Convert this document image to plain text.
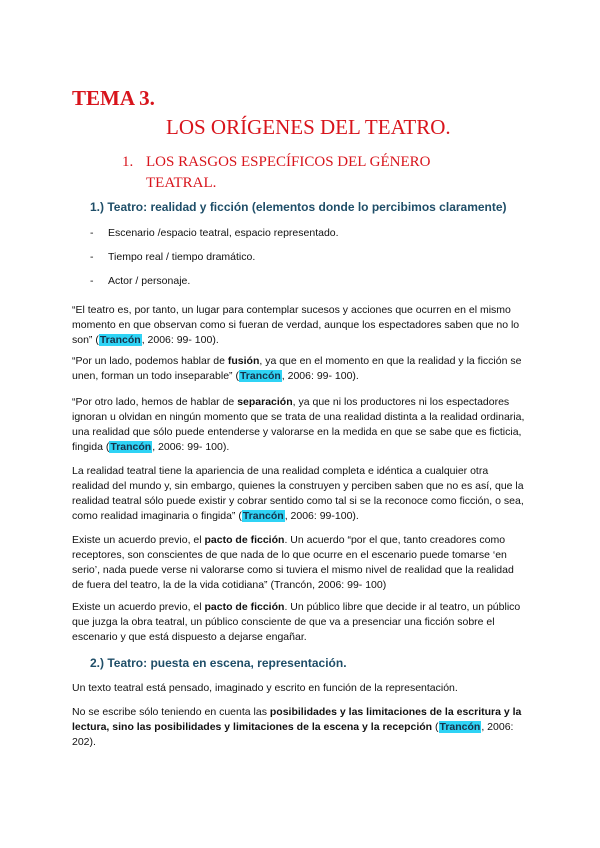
TEMA 3.
LOS ORÍGENES DEL TEATRO.
1. LOS RASGOS ESPECÍFICOS DEL GÉNERO
TEATRAL.
1.) Teatro: realidad y ficción (elementos donde lo percibimos claramente)
- Escenario /espacio teatral, espacio representado.
- Tiempo real / tiempo dramático.
- Actor / personaje.

“El teatro es, por tanto, un lugar para contemplar sucesos y acciones que ocurren en el mismo momento en que observan como si fueran de verdad, aunque los espectadores saben que no lo son” (Trancón, 2006: 99- 100).

“Por un lado, podemos hablar de fusión, ya que en el momento en que la realidad y la ficción se unen, forman un todo inseparable” (Trancón, 2006: 99- 100).

“Por otro lado, hemos de hablar de separación, ya que ni los productores ni los espectadores ignoran u olvidan en ningún momento que se trata de una realidad distinta a la realidad ordinaria, una realidad que sólo puede entenderse y valorarse en la medida en que se sabe que es ficticia, fingida (Trancón, 2006: 99- 100).

La realidad teatral tiene la apariencia de una realidad completa e idéntica a cualquier otra realidad del mundo y, sin embargo, quienes la construyen y perciben saben que no es así, que la realidad teatral sólo puede existir y cobrar sentido como tal si se la reconoce como ficción, o sea, como realidad imaginaria o fingida” (Trancón, 2006: 99-100).

Existe un acuerdo previo, el pacto de ficción. Un acuerdo “por el que, tanto creadores como receptores, son conscientes de que nada de lo que ocurre en el escenario puede tomarse ‘en serio’, nada puede verse ni valorarse como si tuviera el mismo nivel de realidad que la realidad de fuera del teatro, la de la vida cotidiana” (Trancón, 2006: 99- 100)

Existe un acuerdo previo, el pacto de ficción. Un público libre que decide ir al teatro, un público que juzga la obra teatral, un público consciente de que va a presenciar una ficción sobre el escenario y que está dispuesto a dejarse engañar.

2.) Teatro: puesta en escena, representación.

Un texto teatral está pensado, imaginado y escrito en función de la representación.

No se escribe sólo teniendo en cuenta las posibilidades y las limitaciones de la escritura y la lectura, sino las posibilidades y limitaciones de la escena y la recepción (Trancón, 2006: 202).
